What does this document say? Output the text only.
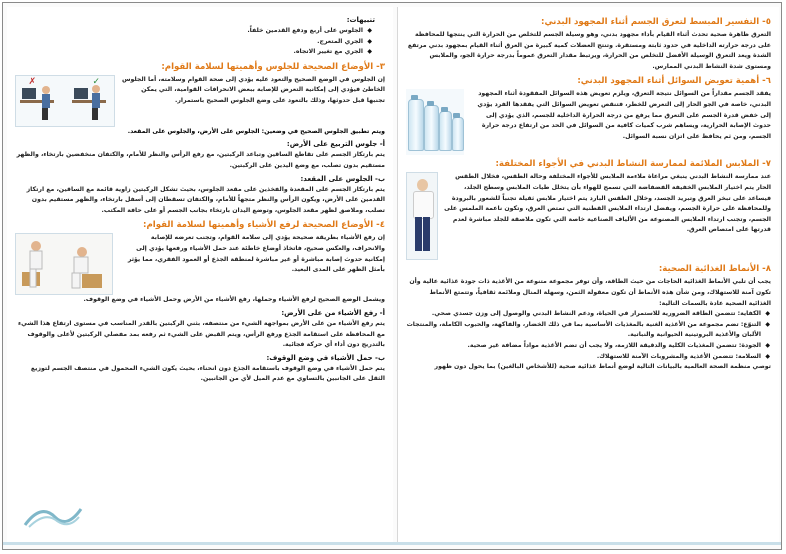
٥- التفسير المبسط لتعرق الجسم أثناء المجهود البدني:

التعرق ظاهرة صحية تحدث أثناء القيام بأداء مجهود بدني، وهو وسيلة الجسم للتخلص من الحرارة التي ينتجها للمحافظة على درجة حرارته الداخلية في حدود ثابتة ومستقرة. وتنتج العضلات كمية كبيرة من العرق أثناء القيام بمجهود بدني مرتفع الشدة ويعد التعرق الوسيلة الأفضل للتخلص من الحرارة، ويرتبط مقدار التعرق عموماً بدرجة حرارة الجو، والملابس ومستوى شدة النشاط البدني الممارس.

٦- أهمية تعويض السوائل أثناء المجهود البدني:

يفقد الجسم مقداراً من السوائل نتيجة التعرق، ويلزم تعويض هذه السوائل المفقودة أثناء المجهود البدني، خاصة في الجو الحار إلى التعرض للخطر، فتنقص تعويض السوائل التي يفقدها الفرد يؤدي إلى خفض قدرة الجسم على التعرق مما يرفع من درجة الحرارة الداخلية للجسم، الذي يؤدي إلى حدوث الإصابة الحرارية، ويساهم شرب كميات كافية من السوائل في الحد من ارتفاع درجة حرارة الجسم، ومن ثم يحافظ على اتزان نسبة السوائل.

٧- الملابس الملائمة لممارسة النشاط البدني في الأجواء المختلفة:

عند ممارسة النشاط البدني ينبغي مراعاة ملاءمة الملابس للأجواء المختلفة وحالة الطقس، فخلال الطقس الحار يتم اختيار الملابس الخفيفة الفضفاضة التي تسمح للهواء بأن يتخلل طيات الملابس وسطح الجلد، فيساعد على تبخر العرق وتبريد الجسد، وخلال الطقس البارد يتم اختيار ملابس ثقيلة تجنباً للشعور بالبرودة وللمحافظة على حرارة الجسم، ويفضل ارتداء الملابس القطنية التي تمتص العرق، وتكون ناعمة الملمس على الجسم، وتجنب ارتداء الملابس المصنوعة من الألياف الصناعية خاصة التي تكون ملاصقة للجلد مباشرة لعدم قدرتها على امتصاص العرق.

٨- الأنماط الغذائية الصحية:

يجب أن تلبي الأنماط الغذائية الحاجات من حيث الطاقة، وأن توفر مجموعة متنوعة من الأغذية ذات جودة غذائية عالية وأن تكون آمنة للاستهلاك، ومن شأن هذه الأنماط أن تكون معقولة الثمن، وسهلة المنال وملائمة ثقافياً، وتتمتع الأنماط الغذائية الصحية عادة بالسمات التالية:

◆ الكفاية: تتضمن الطاقة الضرورية للاستمرار في الحياة، ودعم النشاط البدني والوصول إلى وزن جسدي صحي.
◆ التنوّع: تضم مجموعة من الأغذية الغنية بالمغذيات الأساسية بما في ذلك الخضار، والفاكهة، والحبوب الكاملة، والمنتجات الألبان والأغذية البروتينية الحيوانية والنباتية.
◆ الجودة: تتضمن المغذيات الكلية والدقيقة اللازمة، ولا يجب أن تضم الأغذية مواداً مضافة غير صحية.
◆ السلامة: تتضمن الأغذية والمشروبات الآمنة للاستهلاك.

توصي منظمة الصحة العالمية بالبيانات التالية لوضع أنماط غذائية صحية (للأشخاص البالغين) بما يحول دون ظهور

تنبيهات:
◆ الجلوس على أربع ودفع القدمين خلفاً.
◆ الجري المتعرج.
◆ الجري مع تغيير الاتجاه.
٣- الأوضاع الصحيحة للجلوس وأهميتها لسلامة القوام:

إن الجلوس في الوضع الصحيح والتعود عليه يؤدي إلى صحة القوام وسلامته، أما الجلوس الخاطئ فيؤدي إلى إمكانية التعرض للإصابة ببعض الانحرافات القوامية، التي يمكن تجنبها قبل حدوثها، وذلك بالتعود على وضع الجلوس الصحيح باستمرار.

✗	✓

ويتم تطبيق الجلوس الصحيح في وضعين: الجلوس على الأرض، والجلوس على المقعد.

أ- جلوس التربيع على الأرض:

يتم بارتكاز الجسم على تقاطع الساقين وتباعد الركبتين، مع رفع الرأس والنظر للأمام، والكتفان منخفضين بارتخاء، والظهر مستقيم بدون تصلب، مع وضع اليدين على الركبتين.

ب- الجلوس على المقعد:

يتم بارتكاز الجسم على المقعدة والفخذين على مقعد الجلوس، بحيث تشكل الركبتين زاوية قائمة مع الساقين، مع ارتكاز القدمين على الأرض، ويكون الرأس والنظر متجهاً للأمام، والكتفان تسقطان إلى أسفل بارتخاء، والظهر مستقيم بدون تصلب، وملاصق لظهر مقعد الجلوس، وتوضع اليدان بارتخاء بجانب الجسم أو على حافة المكتب.

٤- الأوضاع الصحيحة لرفع الأشياء وأهميتها لسلامة القوام:

إن رفع الأشياء بطريقة صحيحة يؤدي إلى سلامة القوام، وتجنب تعرضه للإصابة والانحراف، والعكس صحيح، فاتخاذ أوضاع خاطئة عند حمل الأشياء ورفعها يؤدي إلى إمكانية حدوث إصابة مباشرة أو غير مباشرة لمنطقة الجذع أو العمود الفقري، مما يؤثر بأمثل الظهر على المدى البعيد.

ويشمل الوضع الصحيح لرفع الأشياء وحملها، رفع الأشياء من الأرض وحمل الأشياء في وضع الوقوف.

أ- رفع الأشياء من على الأرض:

يتم رفع الأشياء من على الأرض بمواجهة الشيء من منتصفه، بثني الركبتين بالقدر المناسب في مستوى ارتفاع هذا الشيء مع المحافظة على استقامة الجذع ورفع الرأس، ويتم القبض على الشيء ثم رفعه بمد مفصلي الركبتين لأعلى والوقوف بالتدريج دون أداء أي حركة فجائية.

ب- حمل الأشياء في وضع الوقوف:

يتم حمل الأشياء في وضع الوقوف باستقامة الجذع دون انحناء، بحيث يكون الشيء المحمول في منتصف الجسم لتوزيع الثقل على الجانبين بالتساوي مع عدم الميل لأي من الجانبين.
